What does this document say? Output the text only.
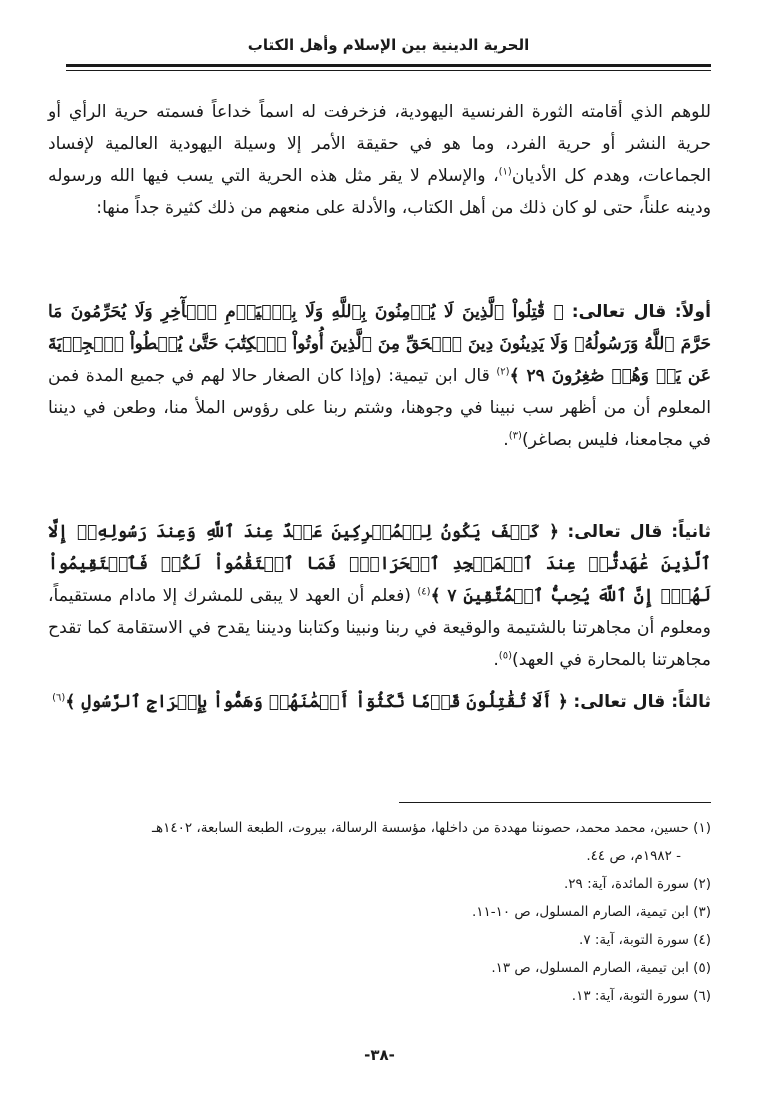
الحرية الدينية بين الإسلام وأهل الكتاب

للوهم الذي أقامته الثورة الفرنسية اليهودية، فزخرفت له اسماً خداعاً فسمته حرية الرأي أو حرية النشر أو حرية الفرد، وما هو في حقيقة الأمر إلا وسيلة اليهودية العالمية لإفساد الجماعات، وهدم كل الأديان$^{(١)}$، والإسلام لا يقر مثل هذه الحرية التي يسب فيها الله ورسوله ودينه علناً، حتى لو كان ذلك من أهل الكتاب، والأدلة على منعهم من ذلك كثيرة جداً منها:

أولاً: قال تعالى: ﴿ قَٰتِلُواْ ٱلَّذِينَ لَا يُؤۡمِنُونَ بِٱللَّهِ وَلَا بِٱلۡيَوۡمِ ٱلۡأٓخِرِ وَلَا يُحَرِّمُونَ مَا حَرَّمَ ٱللَّهُ وَرَسُولُهُۥ وَلَا يَدِينُونَ دِينَ ٱلۡحَقِّ مِنَ ٱلَّذِينَ أُوتُواْ ٱلۡكِتَٰبَ حَتَّىٰ يُعۡطُواْ ٱلۡجِزۡيَةَ عَن يَدٖ وَهُمۡ صَٰغِرُونَ ٢٩ ﴾$^{(٢)}$ قال ابن تيمية: (وإذا كان الصغار حالا لهم في جميع المدة فمن المعلوم أن من أظهر سب نبينا في وجوهنا، وشتم ربنا على رؤوس الملأ منا، وطعن في ديننا في مجامعنا، فليس بصاغر)$^{(٣)}$.

ثانياً: قال تعالى: ﴿ كَيۡفَ يَكُونُ لِلۡمُشۡرِكِينَ عَهۡدٌ عِندَ ٱللَّهِ وَعِندَ رَسُولِهِۦٓ إِلَّا ٱلَّذِينَ عَٰهَدتُّمۡ عِندَ ٱلۡمَسۡجِدِ ٱلۡحَرَامِۖ فَمَا ٱسۡتَقَٰمُواْ لَكُمۡ فَٱسۡتَقِيمُواْ لَهُمۡۚ إِنَّ ٱللَّهَ يُحِبُّ ٱلۡمُتَّقِينَ ٧ ﴾$^{(٤)}$ (فعلم أن العهد لا يبقى للمشرك إلا مادام مستقيماً، ومعلوم أن مجاهرتنا بالشتيمة والوقيعة في ربنا ونبينا وكتابنا وديننا يقدح في الاستقامة كما تقدح مجاهرتنا بالمحارة في العهد)$^{(٥)}$.

ثالثاً: قال تعالى: ﴿ أَلَا تُقَٰتِلُونَ قَوۡمٗا نَّكَثُوٓاْ أَيۡمَٰنَهُمۡ وَهَمُّواْ بِإِخۡرَاجِ ٱلرَّسُولِ ﴾$^{(٦)}$

(١) حسين، محمد محمد، حصوننا مهددة من داخلها، مؤسسة الرسالة، بيروت، الطبعة السابعة، ١٤٠٢هـ
- ١٩٨٢م، ص ٤٤.
(٢) سورة المائدة، آية: ٢٩.
(٣) ابن تيمية، الصارم المسلول، ص ١٠-١١.
(٤) سورة التوبة، آية: ٧.
(٥) ابن تيمية، الصارم المسلول، ص ١٣.
(٦) سورة التوبة، آية: ١٣.
-٣٨-
